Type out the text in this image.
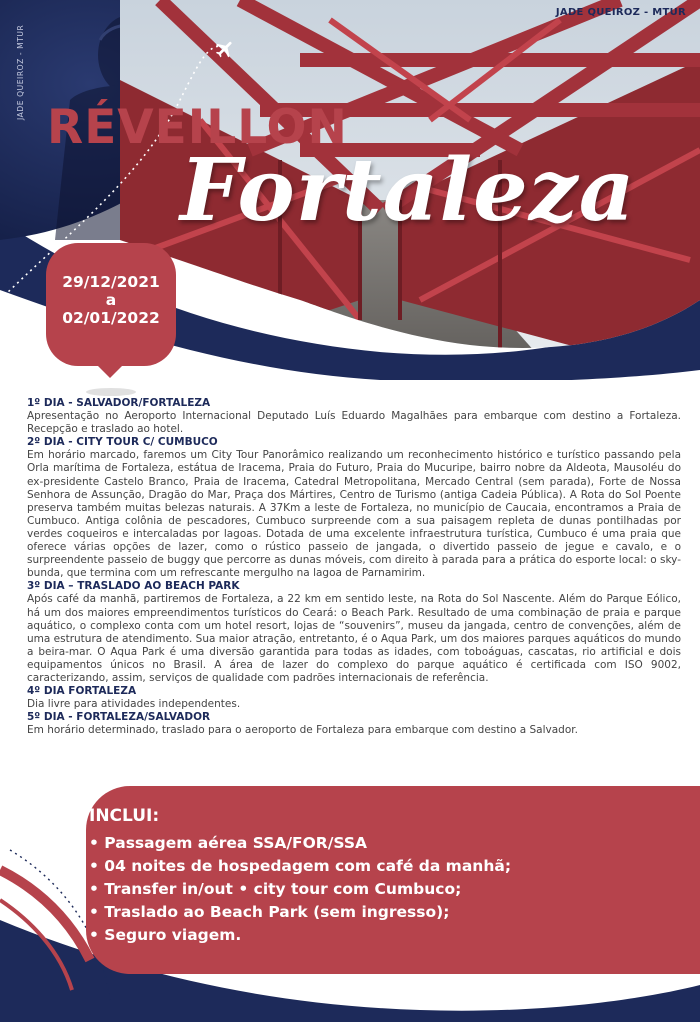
JADE QUEIROZ - MTUR
JADE QUEIROZ - MTUR
RÉVEILLON
Fortaleza
29/12/2021
a
02/01/2022
1º DIA - SALVADOR/FORTALEZA

Apresentação no Aeroporto Internacional Deputado Luís Eduardo Magalhães para embarque com destino a Fortaleza. Recepção e traslado ao hotel.

2º DIA - CITY TOUR C/ CUMBUCO

Em horário marcado, faremos um City Tour Panorâmico realizando um reconhecimento histórico e turístico passando pela Orla marítima de Fortaleza, estátua de Iracema, Praia do Futuro, Praia do Mucuripe, bairro nobre da Aldeota, Mausoléu do ex-presidente Castelo Branco, Praia de Iracema, Catedral Metropolitana, Mercado Central (sem parada), Forte de Nossa Senhora de Assunção, Dragão do Mar, Praça dos Mártires, Centro de Turismo (antiga Cadeia Pública). A Rota do Sol Poente preserva também muitas belezas naturais. A 37Km a leste de Fortaleza, no município de Caucaia, encontramos a Praia de Cumbuco. Antiga colônia de pescadores, Cumbuco surpreende com a sua paisagem repleta de dunas pontilhadas por verdes coqueiros e intercaladas por lagoas. Dotada de uma excelente infraestrutura turística, Cumbuco é uma praia que oferece várias opções de lazer, como o rústico passeio de jangada, o divertido passeio de jegue e cavalo, e o surpreendente passeio de buggy que percorre as dunas móveis, com direito à parada para a prática do esporte local: o sky-bunda, que termina com um refrescante mergulho na lagoa de Parnamirim.

3º DIA – TRASLADO AO BEACH PARK

Após café da manhã, partiremos de Fortaleza, a 22 km em sentido leste, na Rota do Sol Nascente. Além do Parque Eólico, há um dos maiores empreendimentos turísticos do Ceará: o Beach Park. Resultado de uma combinação de praia e parque aquático, o complexo conta com um hotel resort, lojas de “souvenirs”, museu da jangada, centro de convenções, além de uma estrutura de atendimento. Sua maior atração, entretanto, é o Aqua Park, um dos maiores parques aquáticos do mundo a beira-mar. O Aqua Park é uma diversão garantida para todas as idades, com toboáguas, cascatas, rio artificial e dois equipamentos únicos no Brasil. A área de lazer do complexo do parque aquático é certificada com ISO 9002, caracterizando, assim, serviços de qualidade com padrões internacionais de referência.

4º DIA FORTALEZA

Dia livre para atividades independentes.

5º DIA - FORTALEZA/SALVADOR

Em horário determinado, traslado para o aeroporto de Fortaleza para embarque com destino a Salvador.

INCLUI:
• Passagem aérea SSA/FOR/SSA
• 04 noites de hospedagem com café da manhã;
• Transfer in/out • city tour com Cumbuco;
• Traslado ao Beach Park (sem ingresso);
• Seguro viagem.
